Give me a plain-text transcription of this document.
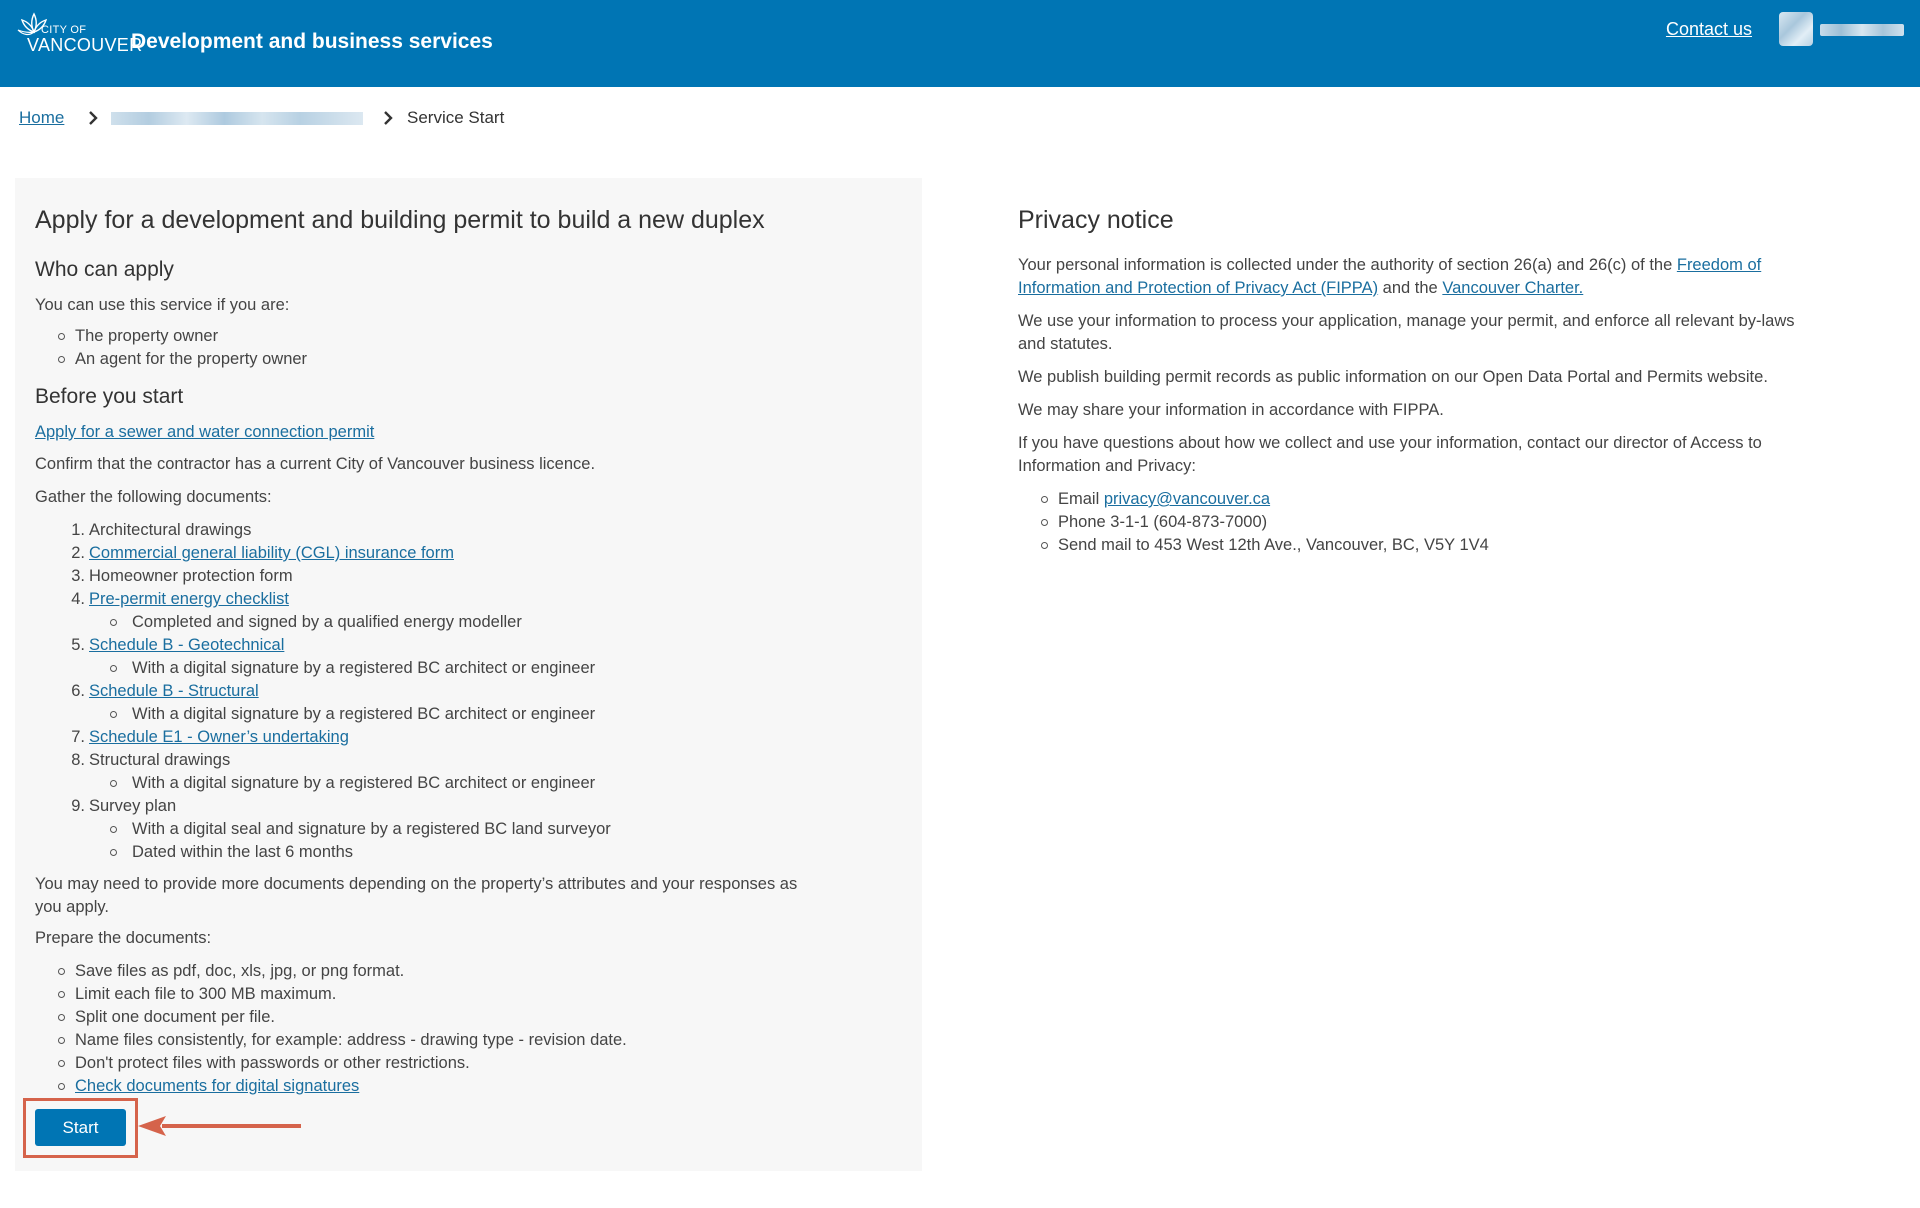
CITY OF
VANCOUVER
Development and business services
Contact us
Home	Service Start
Apply for a development and building permit to build a new duplex
Who can apply
You can use this service if you are:
The property owner
An agent for the property owner
Before you start
Apply for a sewer and water connection permit
Confirm that the contractor has a current City of Vancouver business licence.
Gather the following documents:
1. Architectural drawings
2. Commercial general liability (CGL) insurance form
3. Homeowner protection form
4. Pre-permit energy checklist
Completed and signed by a qualified energy modeller
5. Schedule B - Geotechnical
With a digital signature by a registered BC architect or engineer
6. Schedule B - Structural
With a digital signature by a registered BC architect or engineer
7. Schedule E1 - Owner’s undertaking
8. Structural drawings
With a digital signature by a registered BC architect or engineer
9. Survey plan
With a digital seal and signature by a registered BC land surveyor
Dated within the last 6 months
You may need to provide more documents depending on the property’s attributes and your responses as
you apply.
Prepare the documents:
Save files as pdf, doc, xls, jpg, or png format.
Limit each file to 300 MB maximum.
Split one document per file.
Name files consistently, for example: address - drawing type - revision date.
Don't protect files with passwords or other restrictions.
Check documents for digital signatures
Start
Privacy notice
Your personal information is collected under the authority of section 26(a) and 26(c) of the Freedom of
Information and Protection of Privacy Act (FIPPA) and the Vancouver Charter.
We use your information to process your application, manage your permit, and enforce all relevant by-laws
and statutes.
We publish building permit records as public information on our Open Data Portal and Permits website.
We may share your information in accordance with FIPPA.
If you have questions about how we collect and use your information, contact our director of Access to
Information and Privacy:
Email privacy@vancouver.ca
Phone 3-1-1 (604-873-7000)
Send mail to 453 West 12th Ave., Vancouver, BC, V5Y 1V4
